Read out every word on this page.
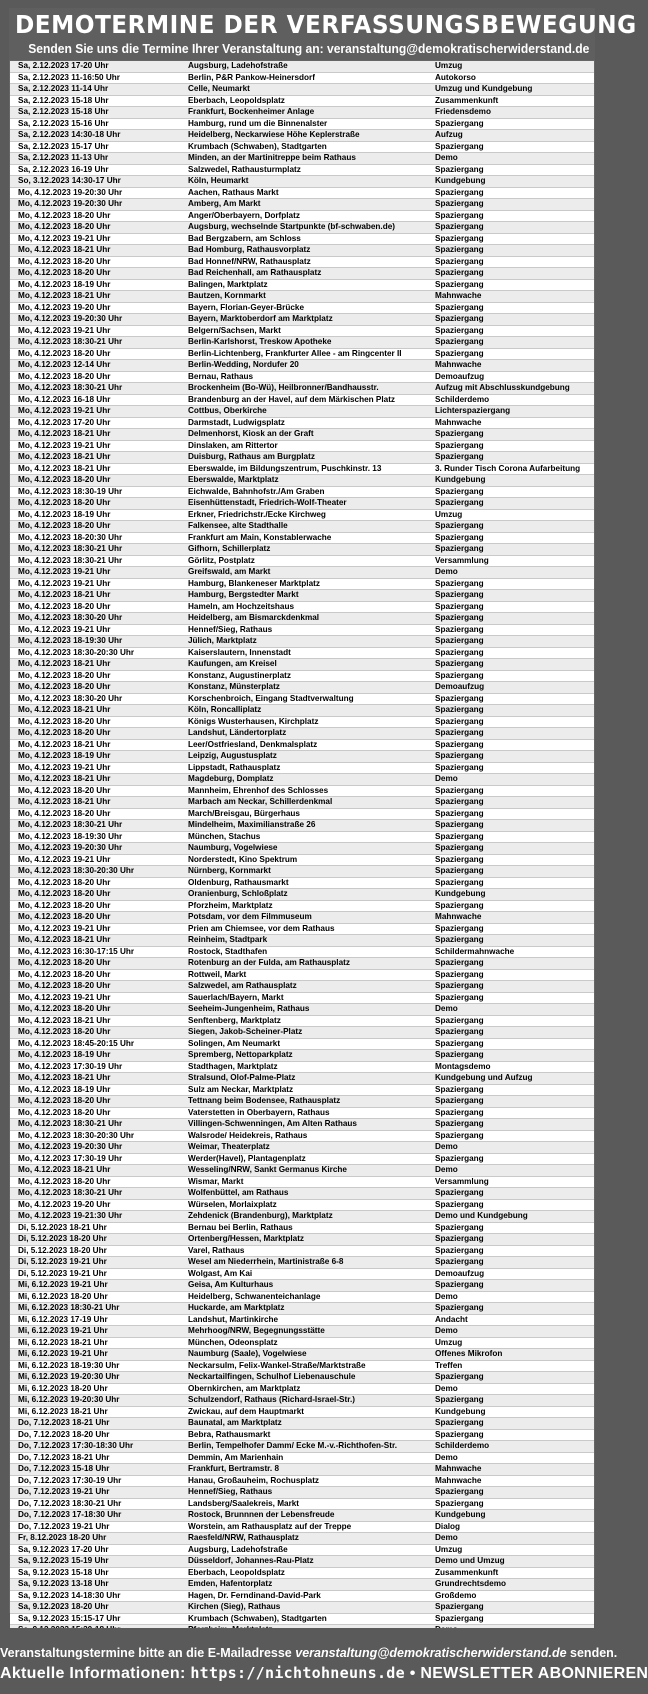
DEMOTERMINE DER VERFASSUNGSBEWEGUNG
Senden Sie uns die Termine Ihrer Veranstaltung an: veranstaltung@demokratischerwiderstand.de
Sa, 2.12.2023 17-20 Uhr	Augsburg, Ladehofstraße	Umzug
Sa, 2.12.2023 11-16:50 Uhr	Berlin, P&R Pankow-Heinersdorf	Autokorso
Sa, 2.12.2023 11-14 Uhr	Celle, Neumarkt	Umzug und Kundgebung
Sa, 2.12.2023 15-18 Uhr	Eberbach, Leopoldsplatz	Zusammenkunft
Sa, 2.12.2023 15-18 Uhr	Frankfurt, Bockenheimer Anlage	Friedensdemo
Sa, 2.12.2023 15-16 Uhr	Hamburg, rund um die Binnenalster	Spaziergang
Sa, 2.12.2023 14:30-18 Uhr	Heidelberg, Neckarwiese Höhe Keplerstraße	Aufzug
Sa, 2.12.2023 15-17 Uhr	Krumbach (Schwaben), Stadtgarten	Spaziergang
Sa, 2.12.2023 11-13 Uhr	Minden, an der Martinitreppe beim Rathaus	Demo
Sa, 2.12.2023 16-19 Uhr	Salzwedel, Rathausturmplatz	Spaziergang
So, 3.12.2023 14:30-17 Uhr	Köln, Heumarkt	Kundgebung
Mo, 4.12.2023 19-20:30 Uhr	Aachen, Rathaus Markt	Spaziergang
Mo, 4.12.2023 19-20:30 Uhr	Amberg, Am Markt	Spaziergang
Mo, 4.12.2023 18-20 Uhr	Anger/Oberbayern, Dorfplatz	Spaziergang
Mo, 4.12.2023 18-20 Uhr	Augsburg, wechselnde Startpunkte (bf-schwaben.de)	Spaziergang
Mo, 4.12.2023 19-21 Uhr	Bad Bergzabern, am Schloss	Spaziergang
Mo, 4.12.2023 18-21 Uhr	Bad Homburg, Rathausvorplatz	Spaziergang
Mo, 4.12.2023 18-20 Uhr	Bad Honnef/NRW, Rathausplatz	Spaziergang
Mo, 4.12.2023 18-20 Uhr	Bad Reichenhall, am Rathausplatz	Spaziergang
Mo, 4.12.2023 18-19 Uhr	Balingen, Marktplatz	Spaziergang
Mo, 4.12.2023 18-21 Uhr	Bautzen, Kornmarkt	Mahnwache
Mo, 4.12.2023 19-20 Uhr	Bayern, Florian-Geyer-Brücke	Spaziergang
Mo, 4.12.2023 19-20:30 Uhr	Bayern, Marktoberdorf am Marktplatz	Spaziergang
Mo, 4.12.2023 19-21 Uhr	Belgern/Sachsen, Markt	Spaziergang
Mo, 4.12.2023 18:30-21 Uhr	Berlin-Karlshorst, Treskow Apotheke	Spaziergang
Mo, 4.12.2023 18-20 Uhr	Berlin-Lichtenberg, Frankfurter Allee - am Ringcenter II	Spaziergang
Mo, 4.12.2023 12-14 Uhr	Berlin-Wedding, Nordufer 20	Mahnwache
Mo, 4.12.2023 18-20 Uhr	Bernau, Rathaus	Demoaufzug
Mo, 4.12.2023 18:30-21 Uhr	Brockenheim (Bo-Wü), Heilbronner/Bandhausstr.	Aufzug mit Abschlusskundgebung
Mo, 4.12.2023 16-18 Uhr	Brandenburg an der Havel, auf dem Märkischen Platz	Schilderdemo
Mo, 4.12.2023 19-21 Uhr	Cottbus, Oberkirche	Lichterspaziergang
Mo, 4.12.2023 17-20 Uhr	Darmstadt, Ludwigsplatz	Mahnwache
Mo, 4.12.2023 18-21 Uhr	Delmenhorst, Kiosk an der Graft	Spaziergang
Mo, 4.12.2023 19-21 Uhr	Dinslaken, am Rittertor	Spaziergang
Mo, 4.12.2023 18-21 Uhr	Duisburg, Rathaus am Burgplatz	Spaziergang
Mo, 4.12.2023 18-21 Uhr	Eberswalde, im Bildungszentrum, Puschkinstr. 13	3. Runder Tisch Corona Aufarbeitung
Mo, 4.12.2023 18-20 Uhr	Eberswalde, Marktplatz	Kundgebung
Mo, 4.12.2023 18:30-19 Uhr	Eichwalde, Bahnhofstr./Am Graben	Spaziergang
Mo, 4.12.2023 18-20 Uhr	Eisenhüttenstadt, Friedrich-Wolf-Theater	Spaziergang
Mo, 4.12.2023 18-19 Uhr	Erkner, Friedrichstr./Ecke Kirchweg	Umzug
Mo, 4.12.2023 18-20 Uhr	Falkensee, alte Stadthalle	Spaziergang
Mo, 4.12.2023 18-20:30 Uhr	Frankfurt am Main, Konstablerwache	Spaziergang
Mo, 4.12.2023 18:30-21 Uhr	Gifhorn, Schillerplatz	Spaziergang
Mo, 4.12.2023 18:30-21 Uhr	Görlitz, Postplatz	Versammlung
Mo, 4.12.2023 19-21 Uhr	Greifswald, am Markt	Demo
Mo, 4.12.2023 19-21 Uhr	Hamburg, Blankeneser Marktplatz	Spaziergang
Mo, 4.12.2023 18-21 Uhr	Hamburg, Bergstedter Markt	Spaziergang
Mo, 4.12.2023 18-20 Uhr	Hameln, am Hochzeitshaus	Spaziergang
Mo, 4.12.2023 18:30-20 Uhr	Heidelberg, am Bismarckdenkmal	Spaziergang
Mo, 4.12.2023 19-21 Uhr	Hennef/Sieg, Rathaus	Spaziergang
Mo, 4.12.2023 18-19:30 Uhr	Jülich, Marktplatz	Spaziergang
Mo, 4.12.2023 18:30-20:30 Uhr	Kaiserslautern, Innenstadt	Spaziergang
Mo, 4.12.2023 18-21 Uhr	Kaufungen, am Kreisel	Spaziergang
Mo, 4.12.2023 18-20 Uhr	Konstanz, Augustinerplatz	Spaziergang
Mo, 4.12.2023 18-20 Uhr	Konstanz, Münsterplatz	Demoaufzug
Mo, 4.12.2023 18:30-20 Uhr	Korschenbroich, Eingang Stadtverwaltung	Spaziergang
Mo, 4.12.2023 18-21 Uhr	Köln, Roncalliplatz	Spaziergang
Mo, 4.12.2023 18-20 Uhr	Königs Wusterhausen, Kirchplatz	Spaziergang
Mo, 4.12.2023 18-20 Uhr	Landshut, Ländertorplatz	Spaziergang
Mo, 4.12.2023 18-21 Uhr	Leer/Ostfriesland, Denkmalsplatz	Spaziergang
Mo, 4.12.2023 18-19 Uhr	Leipzig, Augustusplatz	Spaziergang
Mo, 4.12.2023 19-21 Uhr	Lippstadt, Rathausplatz	Spaziergang
Mo, 4.12.2023 18-21 Uhr	Magdeburg, Domplatz	Demo
Mo, 4.12.2023 18-20 Uhr	Mannheim, Ehrenhof des Schlosses	Spaziergang
Mo, 4.12.2023 18-21 Uhr	Marbach am Neckar, Schillerdenkmal	Spaziergang
Mo, 4.12.2023 18-20 Uhr	March/Breisgau, Bürgerhaus	Spaziergang
Mo, 4.12.2023 18:30-21 Uhr	Mindelheim, Maximilianstraße 26	Spaziergang
Mo, 4.12.2023 18-19:30 Uhr	München, Stachus	Spaziergang
Mo, 4.12.2023 19-20:30 Uhr	Naumburg, Vogelwiese	Spaziergang
Mo, 4.12.2023 19-21 Uhr	Norderstedt, Kino Spektrum	Spaziergang
Mo, 4.12.2023 18:30-20:30 Uhr	Nürnberg, Kornmarkt	Spaziergang
Mo, 4.12.2023 18-20 Uhr	Oldenburg, Rathausmarkt	Spaziergang
Mo, 4.12.2023 18-20 Uhr	Oranienburg, Schloßplatz	Kundgebung
Mo, 4.12.2023 18-20 Uhr	Pforzheim, Marktplatz	Spaziergang
Mo, 4.12.2023 18-20 Uhr	Potsdam, vor dem Filmmuseum	Mahnwache
Mo, 4.12.2023 19-21 Uhr	Prien am Chiemsee, vor dem Rathaus	Spaziergang
Mo, 4.12.2023 18-21 Uhr	Reinheim, Stadtpark	Spaziergang
Mo, 4.12.2023 16:30-17:15 Uhr	Rostock, Stadthafen	Schildermahnwache
Mo, 4.12.2023 18-20 Uhr	Rotenburg an der Fulda, am Rathausplatz	Spaziergang
Mo, 4.12.2023 18-20 Uhr	Rottweil, Markt	Spaziergang
Mo, 4.12.2023 18-20 Uhr	Salzwedel, am Rathausplatz	Spaziergang
Mo, 4.12.2023 19-21 Uhr	Sauerlach/Bayern, Markt	Spaziergang
Mo, 4.12.2023 18-20 Uhr	Seeheim-Jungenheim, Rathaus	Demo
Mo, 4.12.2023 18-21 Uhr	Senftenberg, Marktplatz	Spaziergang
Mo, 4.12.2023 18-20 Uhr	Siegen, Jakob-Scheiner-Platz	Spaziergang
Mo, 4.12.2023 18:45-20:15 Uhr	Solingen, Am Neumarkt	Spaziergang
Mo, 4.12.2023 18-19 Uhr	Spremberg, Nettoparkplatz	Spaziergang
Mo, 4.12.2023 17:30-19 Uhr	Stadthagen, Marktplatz	Montagsdemo
Mo, 4.12.2023 18-21 Uhr	Stralsund, Olof-Palme-Platz	Kundgebung und Aufzug
Mo, 4.12.2023 18-19 Uhr	Sulz am Neckar, Marktplatz	Spaziergang
Mo, 4.12.2023 18-20 Uhr	Tettnang beim Bodensee, Rathausplatz	Spaziergang
Mo, 4.12.2023 18-20 Uhr	Vaterstetten in Oberbayern, Rathaus	Spaziergang
Mo, 4.12.2023 18:30-21 Uhr	Villingen-Schwenningen, Am Alten Rathaus	Spaziergang
Mo, 4.12.2023 18:30-20:30 Uhr	Walsrode/ Heidekreis, Rathaus	Spaziergang
Mo, 4.12.2023 19-20:30 Uhr	Weimar, Theaterplatz	Demo
Mo, 4.12.2023 17:30-19 Uhr	Werder(Havel), Plantagenplatz	Spaziergang
Mo, 4.12.2023 18-21 Uhr	Wesseling/NRW, Sankt Germanus Kirche	Demo
Mo, 4.12.2023 18-20 Uhr	Wismar, Markt	Versammlung
Mo, 4.12.2023 18:30-21 Uhr	Wolfenbüttel, am Rathaus	Spaziergang
Mo, 4.12.2023 19-20 Uhr	Würselen, Morlaixplatz	Spaziergang
Mo, 4.12.2023 19-21:30 Uhr	Zehdenick (Brandenburg), Marktplatz	Demo und Kundgebung
Di, 5.12.2023 18-21 Uhr	Bernau bei Berlin, Rathaus	Spaziergang
Di, 5.12.2023 18-20 Uhr	Ortenberg/Hessen, Marktplatz	Spaziergang
Di, 5.12.2023 18-20 Uhr	Varel, Rathaus	Spaziergang
Di, 5.12.2023 19-21 Uhr	Wesel am Niederrhein, Martinistraße 6-8	Spaziergang
Di, 5.12.2023 19-21 Uhr	Wolgast, Am Kai	Demoaufzug
Mi, 6.12.2023 19-21 Uhr	Geisa, Am Kulturhaus	Spaziergang
Mi, 6.12.2023 18-20 Uhr	Heidelberg, Schwanenteichanlage	Demo
Mi, 6.12.2023 18:30-21 Uhr	Huckarde, am Marktplatz	Spaziergang
Mi, 6.12.2023 17-19 Uhr	Landshut, Martinkirche	Andacht
Mi, 6.12.2023 19-21 Uhr	Mehrhoog/NRW, Begegnungsstätte	Demo
Mi, 6.12.2023 18-21 Uhr	München, Odeonsplatz	Umzug
Mi, 6.12.2023 19-21 Uhr	Naumburg (Saale), Vogelwiese	Offenes Mikrofon
Mi, 6.12.2023 18-19:30 Uhr	Neckarsulm, Felix-Wankel-Straße/Marktstraße	Treffen
Mi, 6.12.2023 19-20:30 Uhr	Neckartailfingen, Schulhof Liebenauschule	Spaziergang
Mi, 6.12.2023 18-20 Uhr	Obernkirchen, am Marktplatz	Demo
Mi, 6.12.2023 19-20:30 Uhr	Schulzendorf, Rathaus (Richard-Israel-Str.)	Spaziergang
Mi, 6.12.2023 18-21 Uhr	Zwickau, auf dem Hauptmarkt	Kundgebung
Do, 7.12.2023 18-21 Uhr	Baunatal, am Marktplatz	Spaziergang
Do, 7.12.2023 18-20 Uhr	Bebra, Rathausmarkt	Spaziergang
Do, 7.12.2023 17:30-18:30 Uhr	Berlin, Tempelhofer Damm/ Ecke M.-v.-Richthofen-Str.	Schilderdemo
Do, 7.12.2023 18-21 Uhr	Demmin, Am Marienhain	Demo
Do, 7.12.2023 15-18 Uhr	Frankfurt, Bertramstr. 8	Mahnwache
Do, 7.12.2023 17:30-19 Uhr	Hanau, Großauheim, Rochusplatz	Mahnwache
Do, 7.12.2023 19-21 Uhr	Hennef/Sieg, Rathaus	Spaziergang
Do, 7.12.2023 18:30-21 Uhr	Landsberg/Saalekreis, Markt	Spaziergang
Do, 7.12.2023 17-18:30 Uhr	Rostock, Brunnnen der Lebensfreude	Kundgebung
Do, 7.12.2023 19-21 Uhr	Worstein, am Rathausplatz auf der Treppe	Dialog
Fr, 8.12.2023 18-20 Uhr	Raesfeld/NRW, Rathausplatz	Demo
Sa, 9.12.2023 17-20 Uhr	Augsburg, Ladehofstraße	Umzug
Sa, 9.12.2023 15-19 Uhr	Düsseldorf, Johannes-Rau-Platz	Demo und Umzug
Sa, 9.12.2023 15-18 Uhr	Eberbach, Leopoldsplatz	Zusammenkunft
Sa, 9.12.2023 13-18 Uhr	Emden, Hafentorplatz	Grundrechtsdemo
Sa, 9.12.2023 14-18:30 Uhr	Hagen, Dr. Ferndinand-David-Park	Großdemo
Sa, 9.12.2023 18-20 Uhr	Kirchen (Sieg), Rathaus	Spaziergang
Sa, 9.12.2023 15:15-17 Uhr	Krumbach (Schwaben), Stadtgarten	Spaziergang
Veranstaltungstermine bitte an die E-Mailadresse veranstaltung@demokratischerwiderstand.de senden.
Aktuelle Informationen: https://nichtohneuns.de • NEWSLETTER ABONNIEREN
